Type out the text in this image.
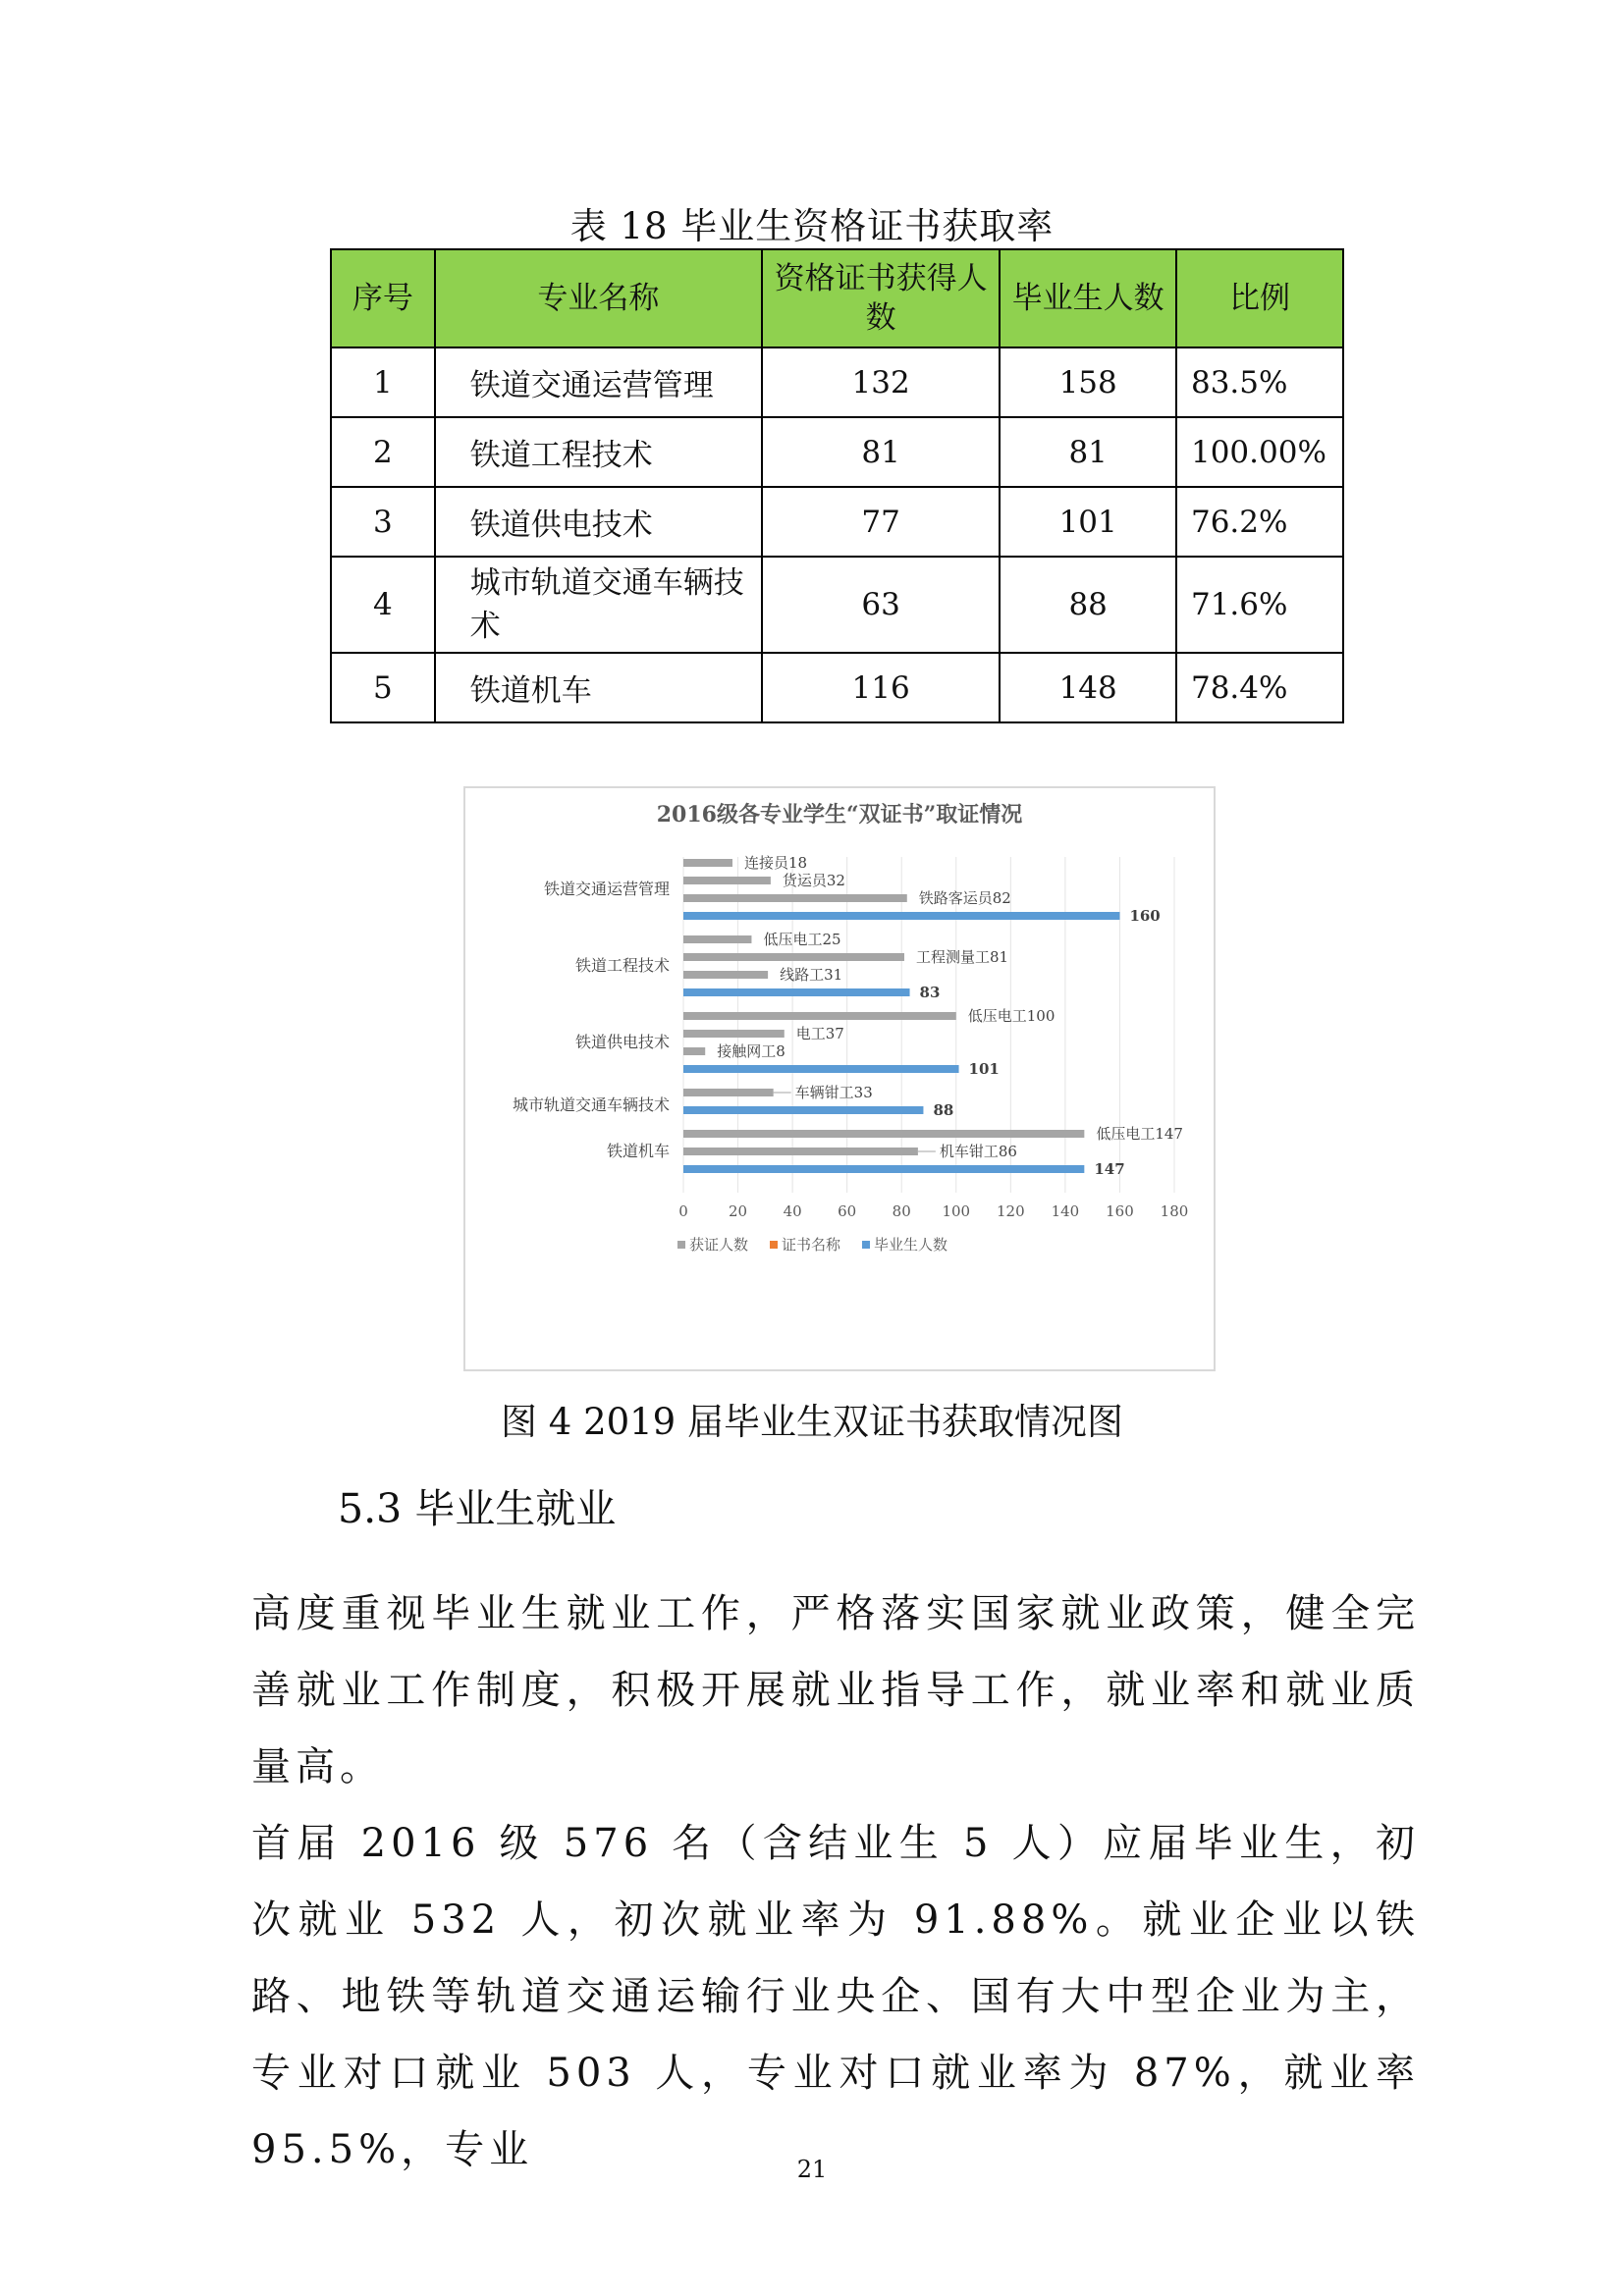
表 18 毕业生资格证书获取率
序号	专业名称	资格证书获得人数	毕业生人数	比例
1	铁道交通运营管理	132	158	83.5%
2	铁道工程技术	81	81	100.00%
3	铁道供电技术	77	101	76.2%
4	城市轨道交通车辆技术	63	88	71.6%
5	铁道机车	116	148	78.4%
2016级各专业学生“双证书”取证情况
0	20 40 60 80 100 120 140 160 180
连接员18
货运员32
铁路客运员82
160
低压电工25
工程测量工81
线路工31
83
低压电工100
电工37
接触网工8
101
车辆钳工33
88
低压电工147
机车钳工86
147
铁道交通运营管理
铁道工程技术
铁道供电技术
城市轨道交通车辆技术
铁道机车
获证人数 证书名称 毕业生人数
图 4 2019 届毕业生双证书获取情况图
5.3 毕业生就业

高度重视毕业生就业工作，严格落实国家就业政策，健全完善就业工作制度，积极开展就业指导工作，就业率和就业质量高。

首届 2016 级 576 名（含结业生 5 人）应届毕业生，初次就业 532 人，初次就业率为 91.88%。就业企业以铁路、地铁等轨道交通运输行业央企、国有大中型企业为主，专业对口就业 503 人，专业对口就业率为 87%，就业率 95.5%，专业	21
